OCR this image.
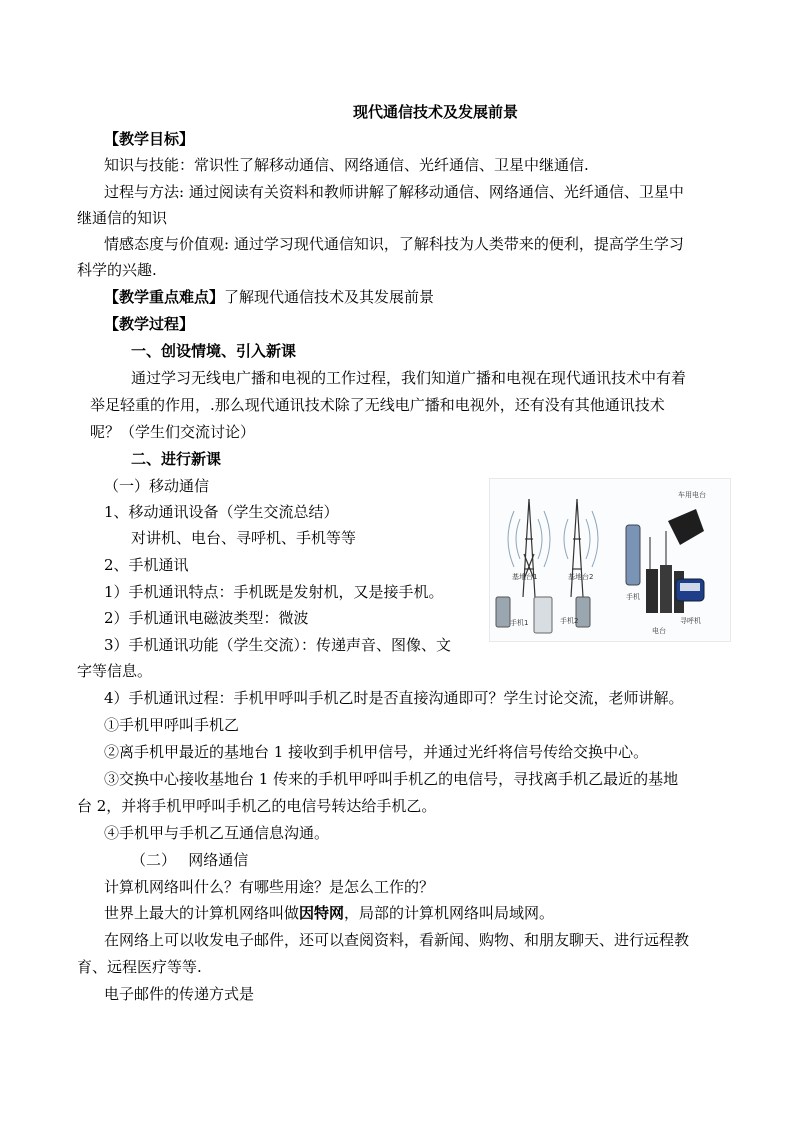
现代通信技术及发展前景
【教学目标】
知识与技能：常识性了解移动通信、网络通信、光纤通信、卫星中继通信.
过程与方法: 通过阅读有关资料和教师讲解了解移动通信、网络通信、光纤通信、卫星中
继通信的知识
情感态度与价值观: 通过学习现代通信知识，了解科技为人类带来的便利，提高学生学习
科学的兴趣.
【教学重点难点】了解现代通信技术及其发展前景
【教学过程】
一、创设情境、引入新课
通过学习无线电广播和电视的工作过程，我们知道广播和电视在现代通讯技术中有着
举足轻重的作用，.那么现代通讯技术除了无线电广播和电视外，还有没有其他通讯技术
呢？（学生们交流讨论）
二、进行新课
（一）移动通信
1、移动通讯设备（学生交流总结）
对讲机、电台、寻呼机、手机等等
2、手机通讯
1）手机通讯特点：手机既是发射机，又是接手机。
2）手机通讯电磁波类型：微波
3）手机通讯功能（学生交流）：传递声音、图像、文
字等信息。
4）手机通讯过程：手机甲呼叫手机乙时是否直接沟通即可？学生讨论交流，老师讲解。
①手机甲呼叫手机乙
②离手机甲最近的基地台 1 接收到手机甲信号，并通过光纤将信号传给交换中心。
③交换中心接收基地台 1 传来的手机甲呼叫手机乙的电信号，寻找离手机乙最近的基地
台 2，并将手机甲呼叫手机乙的电信号转达给手机乙。
④手机甲与手机乙互通信息沟通。
（二）　 网络通信
计算机网络叫什么？有哪些用途？是怎么工作的？
世界上最大的计算机网络叫做因特网，局部的计算机网络叫局域网。
在网络上可以收发电子邮件，还可以查阅资料，看新闻、购物、和朋友聊天、进行远程教
育、远程医疗等等.
电子邮件的传递方式是
基地台1	基地台2
手机1	手机2
手机
电台
车用电台
寻呼机
